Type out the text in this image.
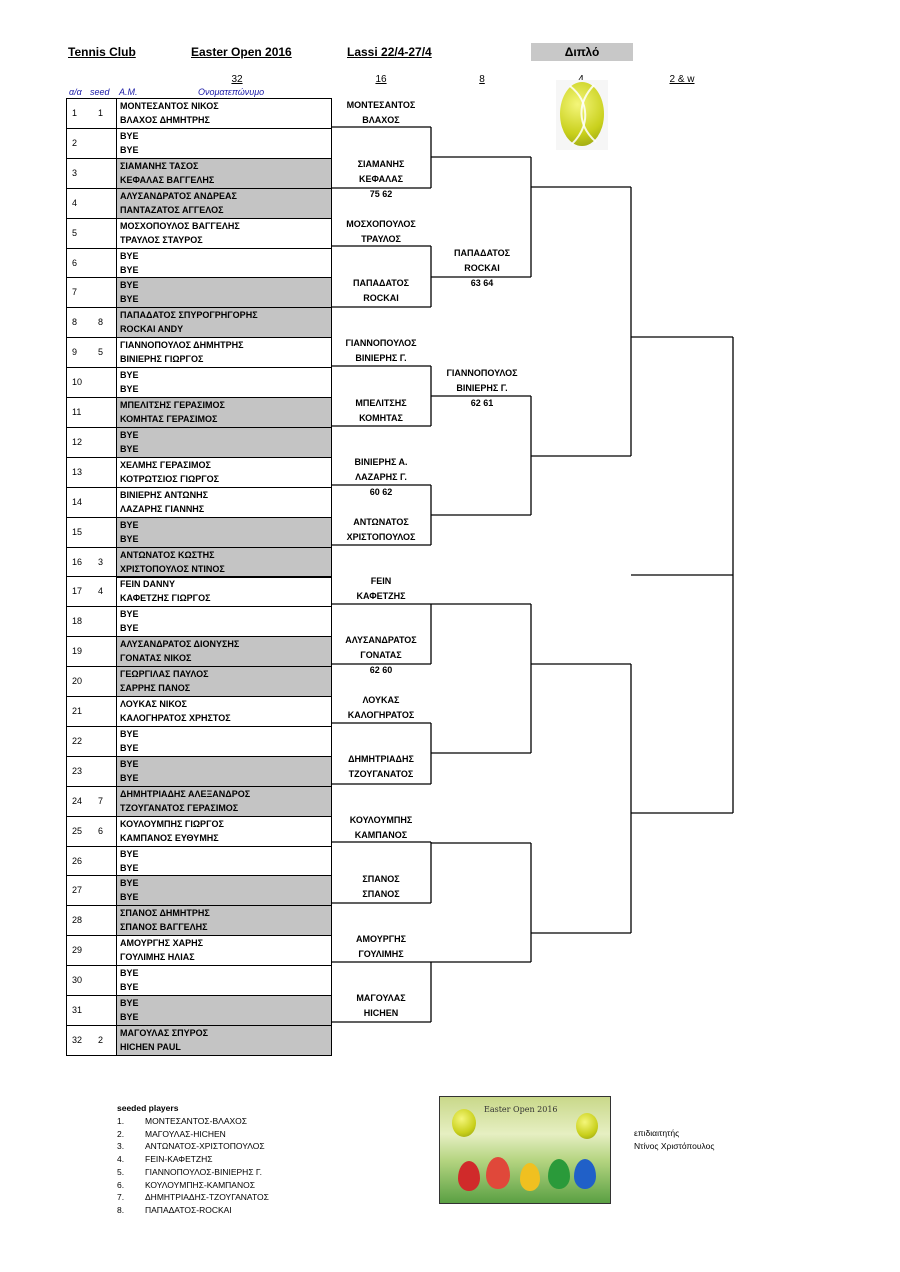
Tennis Club	Easter Open 2016	Lassi 22/4-27/4	Διπλό
32	16	8	2 & w
α/α seed A.M.	Ονοματεπώνυμο
1 1
ΜΟΝΤΕΣΑΝΤΟΣ ΝΙΚΟΣ
ΒΛΑΧΟΣ ΔΗΜΗΤΡΗΣ
2
BYE
BYE
3
ΣΙΑΜΑΝΗΣ ΤΑΣΟΣ
ΚΕΦΑΛΑΣ ΒΑΓΓΕΛΗΣ
4
ΑΛΥΣΑΝΔΡΑΤΟΣ ΑΝΔΡΕΑΣ
ΠΑΝΤΑΖΑΤΟΣ ΑΓΓΕΛΟΣ
5
ΜΟΣΧΟΠΟΥΛΟΣ ΒΑΓΓΕΛΗΣ
ΤΡΑΥΛΟΣ ΣΤΑΥΡΟΣ
6
BYE
BYE
7
BYE
BYE
8 8
ΠΑΠΑΔΑΤΟΣ ΣΠΥΡΟΓΡΗΓΟΡΗΣ
ROCKAI ANDY
9 5
ΓΙΑΝΝΟΠΟΥΛΟΣ ΔΗΜΗΤΡΗΣ
ΒΙΝΙΕΡΗΣ ΓΙΩΡΓΟΣ
10
BYE
BYE
11
ΜΠΕΛΙΤΣΗΣ ΓΕΡΑΣΙΜΟΣ
ΚΟΜΗΤΑΣ ΓΕΡΑΣΙΜΟΣ
12
BYE
BYE
13
ΧΕΛΜΗΣ ΓΕΡΑΣΙΜΟΣ
ΚΟΤΡΩΤΣΙΟΣ ΓΙΩΡΓΟΣ
14
ΒΙΝΙΕΡΗΣ ΑΝΤΩΝΗΣ
ΛΑΖΑΡΗΣ ΓΙΑΝΝΗΣ
15
BYE
BYE
16 3
ΑΝΤΩΝΑΤΟΣ ΚΩΣΤΗΣ
ΧΡΙΣΤΟΠΟΥΛΟΣ ΝΤΙΝΟΣ
17 4
FEIN DANNY
ΚΑΦΕΤΖΗΣ ΓΙΩΡΓΟΣ
18
BYE
BYE
19
ΑΛΥΣΑΝΔΡΑΤΟΣ ΔΙΟΝΥΣΗΣ
ΓΟΝΑΤΑΣ ΝΙΚΟΣ
20
ΓΕΩΡΓΙΛΑΣ ΠΑΥΛΟΣ
ΣΑΡΡΗΣ ΠΑΝΟΣ
21
ΛΟΥΚΑΣ ΝΙΚΟΣ
ΚΑΛΟΓΗΡΑΤΟΣ ΧΡΗΣΤΟΣ
22
BYE
BYE
23
BYE
BYE
24 7
ΔΗΜΗΤΡΙΑΔΗΣ ΑΛΕΞΑΝΔΡΟΣ
ΤΖΟΥΓΑΝΑΤΟΣ ΓΕΡΑΣΙΜΟΣ
25 6
ΚΟΥΛΟΥΜΠΗΣ ΓΙΩΡΓΟΣ
ΚΑΜΠΑΝΟΣ ΕΥΘΥΜΗΣ
26
BYE
BYE
27
BYE
BYE
28
ΣΠΑΝΟΣ ΔΗΜΗΤΡΗΣ
ΣΠΑΝΟΣ ΒΑΓΓΕΛΗΣ
29
ΑΜΟΥΡΓΗΣ ΧΑΡΗΣ
ΓΟΥΛΙΜΗΣ ΗΛΙΑΣ
30
BYE
BYE
31
BYE
BYE
32 2
ΜΑΓΟΥΛΑΣ ΣΠΥΡΟΣ
HICHEN PAUL
ΜΟΝΤΕΣΑΝΤΟΣ
ΒΛΑΧΟΣ
ΣΙΑΜΑΝΗΣ
ΚΕΦΑΛΑΣ
75 62
ΜΟΣΧΟΠΟΥΛΟΣ
ΤΡΑΥΛΟΣ
ΠΑΠΑΔΑΤΟΣ
ROCKAI
ΓΙΑΝΝΟΠΟΥΛΟΣ
ΒΙΝΙΕΡΗΣ Γ.
ΜΠΕΛΙΤΣΗΣ
ΚΟΜΗΤΑΣ
ΒΙΝΙΕΡΗΣ Α.
ΛΑΖΑΡΗΣ Γ.
60 62
ΑΝΤΩΝΑΤΟΣ
ΧΡΙΣΤΟΠΟΥΛΟΣ
FEIN
ΚΑΦΕΤΖΗΣ
ΑΛΥΣΑΝΔΡΑΤΟΣ
ΓΟΝΑΤΑΣ
62 60
ΛΟΥΚΑΣ
ΚΑΛΟΓΗΡΑΤΟΣ
ΔΗΜΗΤΡΙΑΔΗΣ
ΤΖΟΥΓΑΝΑΤΟΣ
ΚΟΥΛΟΥΜΠΗΣ
ΚΑΜΠΑΝΟΣ
ΣΠΑΝΟΣ
ΣΠΑΝΟΣ
ΑΜΟΥΡΓΗΣ
ΓΟΥΛΙΜΗΣ
ΜΑΓΟΥΛΑΣ
HICHEN
ΠΑΠΑΔΑΤΟΣ
ROCKAI
63 64
ΓΙΑΝΝΟΠΟΥΛΟΣ
ΒΙΝΙΕΡΗΣ Γ.
62 61
seeded players
1. ΜΟΝΤΕΣΑΝΤΟΣ-ΒΛΑΧΟΣ
2. ΜΑΓΟΥΛΑΣ-HICHEN
3. ΑΝΤΩΝΑΤΟΣ-ΧΡΙΣΤΟΠΟΥΛΟΣ
4. FEIN-ΚΑΦΕΤΖΗΣ
5. ΓΙΑΝΝΟΠΟΥΛΟΣ-ΒΙΝΙΕΡΗΣ Γ.
6. ΚΟΥΛΟΥΜΠΗΣ-ΚΑΜΠΑΝΟΣ
7. ΔΗΜΗΤΡΙΑΔΗΣ-ΤΖΟΥΓΑΝΑΤΟΣ
8. ΠΑΠΑΔΑΤΟΣ-ROCKAI
Easter Open 2016
επιδιαιτητής
Ντίνος Χριστόπουλος
